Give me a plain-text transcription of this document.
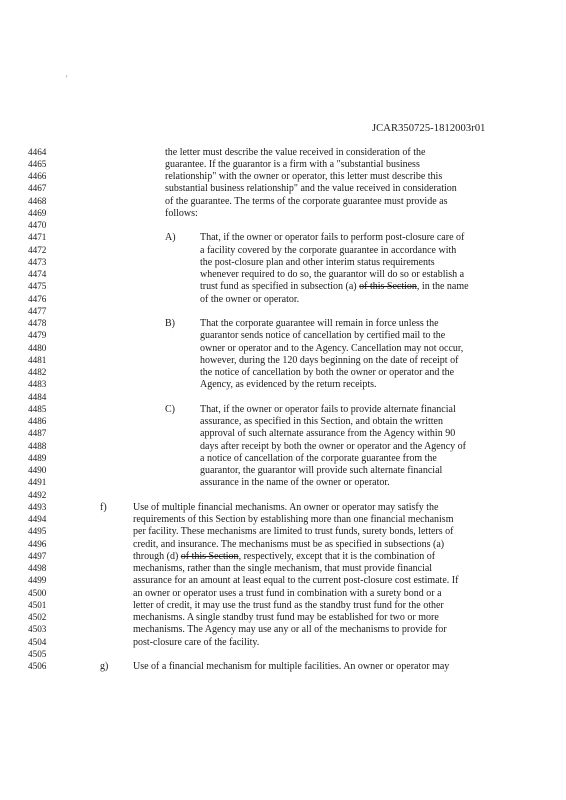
'
JCAR350725-1812003r01
4464	the letter must describe the value received in consideration of the
4465	guarantee. If the guarantor is a firm with a "substantial business
4466	relationship" with the owner or operator, this letter must describe this
4467	substantial business relationship" and the value received in consideration
4468	of the guarantee. The terms of the corporate guarantee must provide as
4469	follows:
4470
4471	A) That, if the owner or operator fails to perform post-closure care of
4472	a facility covered by the corporate guarantee in accordance with
4473	the post-closure plan and other interim status requirements
4474	whenever required to do so, the guarantor will do so or establish a
4475	trust fund as specified in subsection (a) of this Section, in the name
4476	of the owner or operator.
4477
4478	B)	That the corporate guarantee will remain in force unless the
4479	guarantor sends notice of cancellation by certified mail to the
4480	owner or operator and to the Agency. Cancellation may not occur,
4481	however, during the 120 days beginning on the date of receipt of
4482	the notice of cancellation by both the owner or operator and the
4483	Agency, as evidenced by the return receipts.
4484
4485	C)	That, if the owner or operator fails to provide alternate financial
4486	assurance, as specified in this Section, and obtain the written
4487	approval of such alternate assurance from the Agency within 90
4488	days after receipt by both the owner or operator and the Agency of
4489	a notice of cancellation of the corporate guarantee from the
4490	guarantor, the guarantor will provide such alternate financial
4491	assurance in the name of the owner or operator.
4492
4493	f)	Use of multiple financial mechanisms. An owner or operator may satisfy the
4494	requirements of this Section by establishing more than one financial mechanism
4495	per facility. These mechanisms are limited to trust funds, surety bonds, letters of
4496	credit, and insurance. The mechanisms must be as specified in subsections (a)
4497	through (d) of this Section, respectively, except that it is the combination of
4498	mechanisms, rather than the single mechanism, that must provide financial
4499	assurance for an amount at least equal to the current post-closure cost estimate. If
4500	an owner or operator uses a trust fund in combination with a surety bond or a
4501	letter of credit, it may use the trust fund as the standby trust fund for the other
4502	mechanisms. A single standby trust fund may be established for two or more
4503	mechanisms. The Agency may use any or all of the mechanisms to provide for
4504	post-closure care of the facility.
4505
4506	g) Use of a financial mechanism for multiple facilities. An owner or operator may
